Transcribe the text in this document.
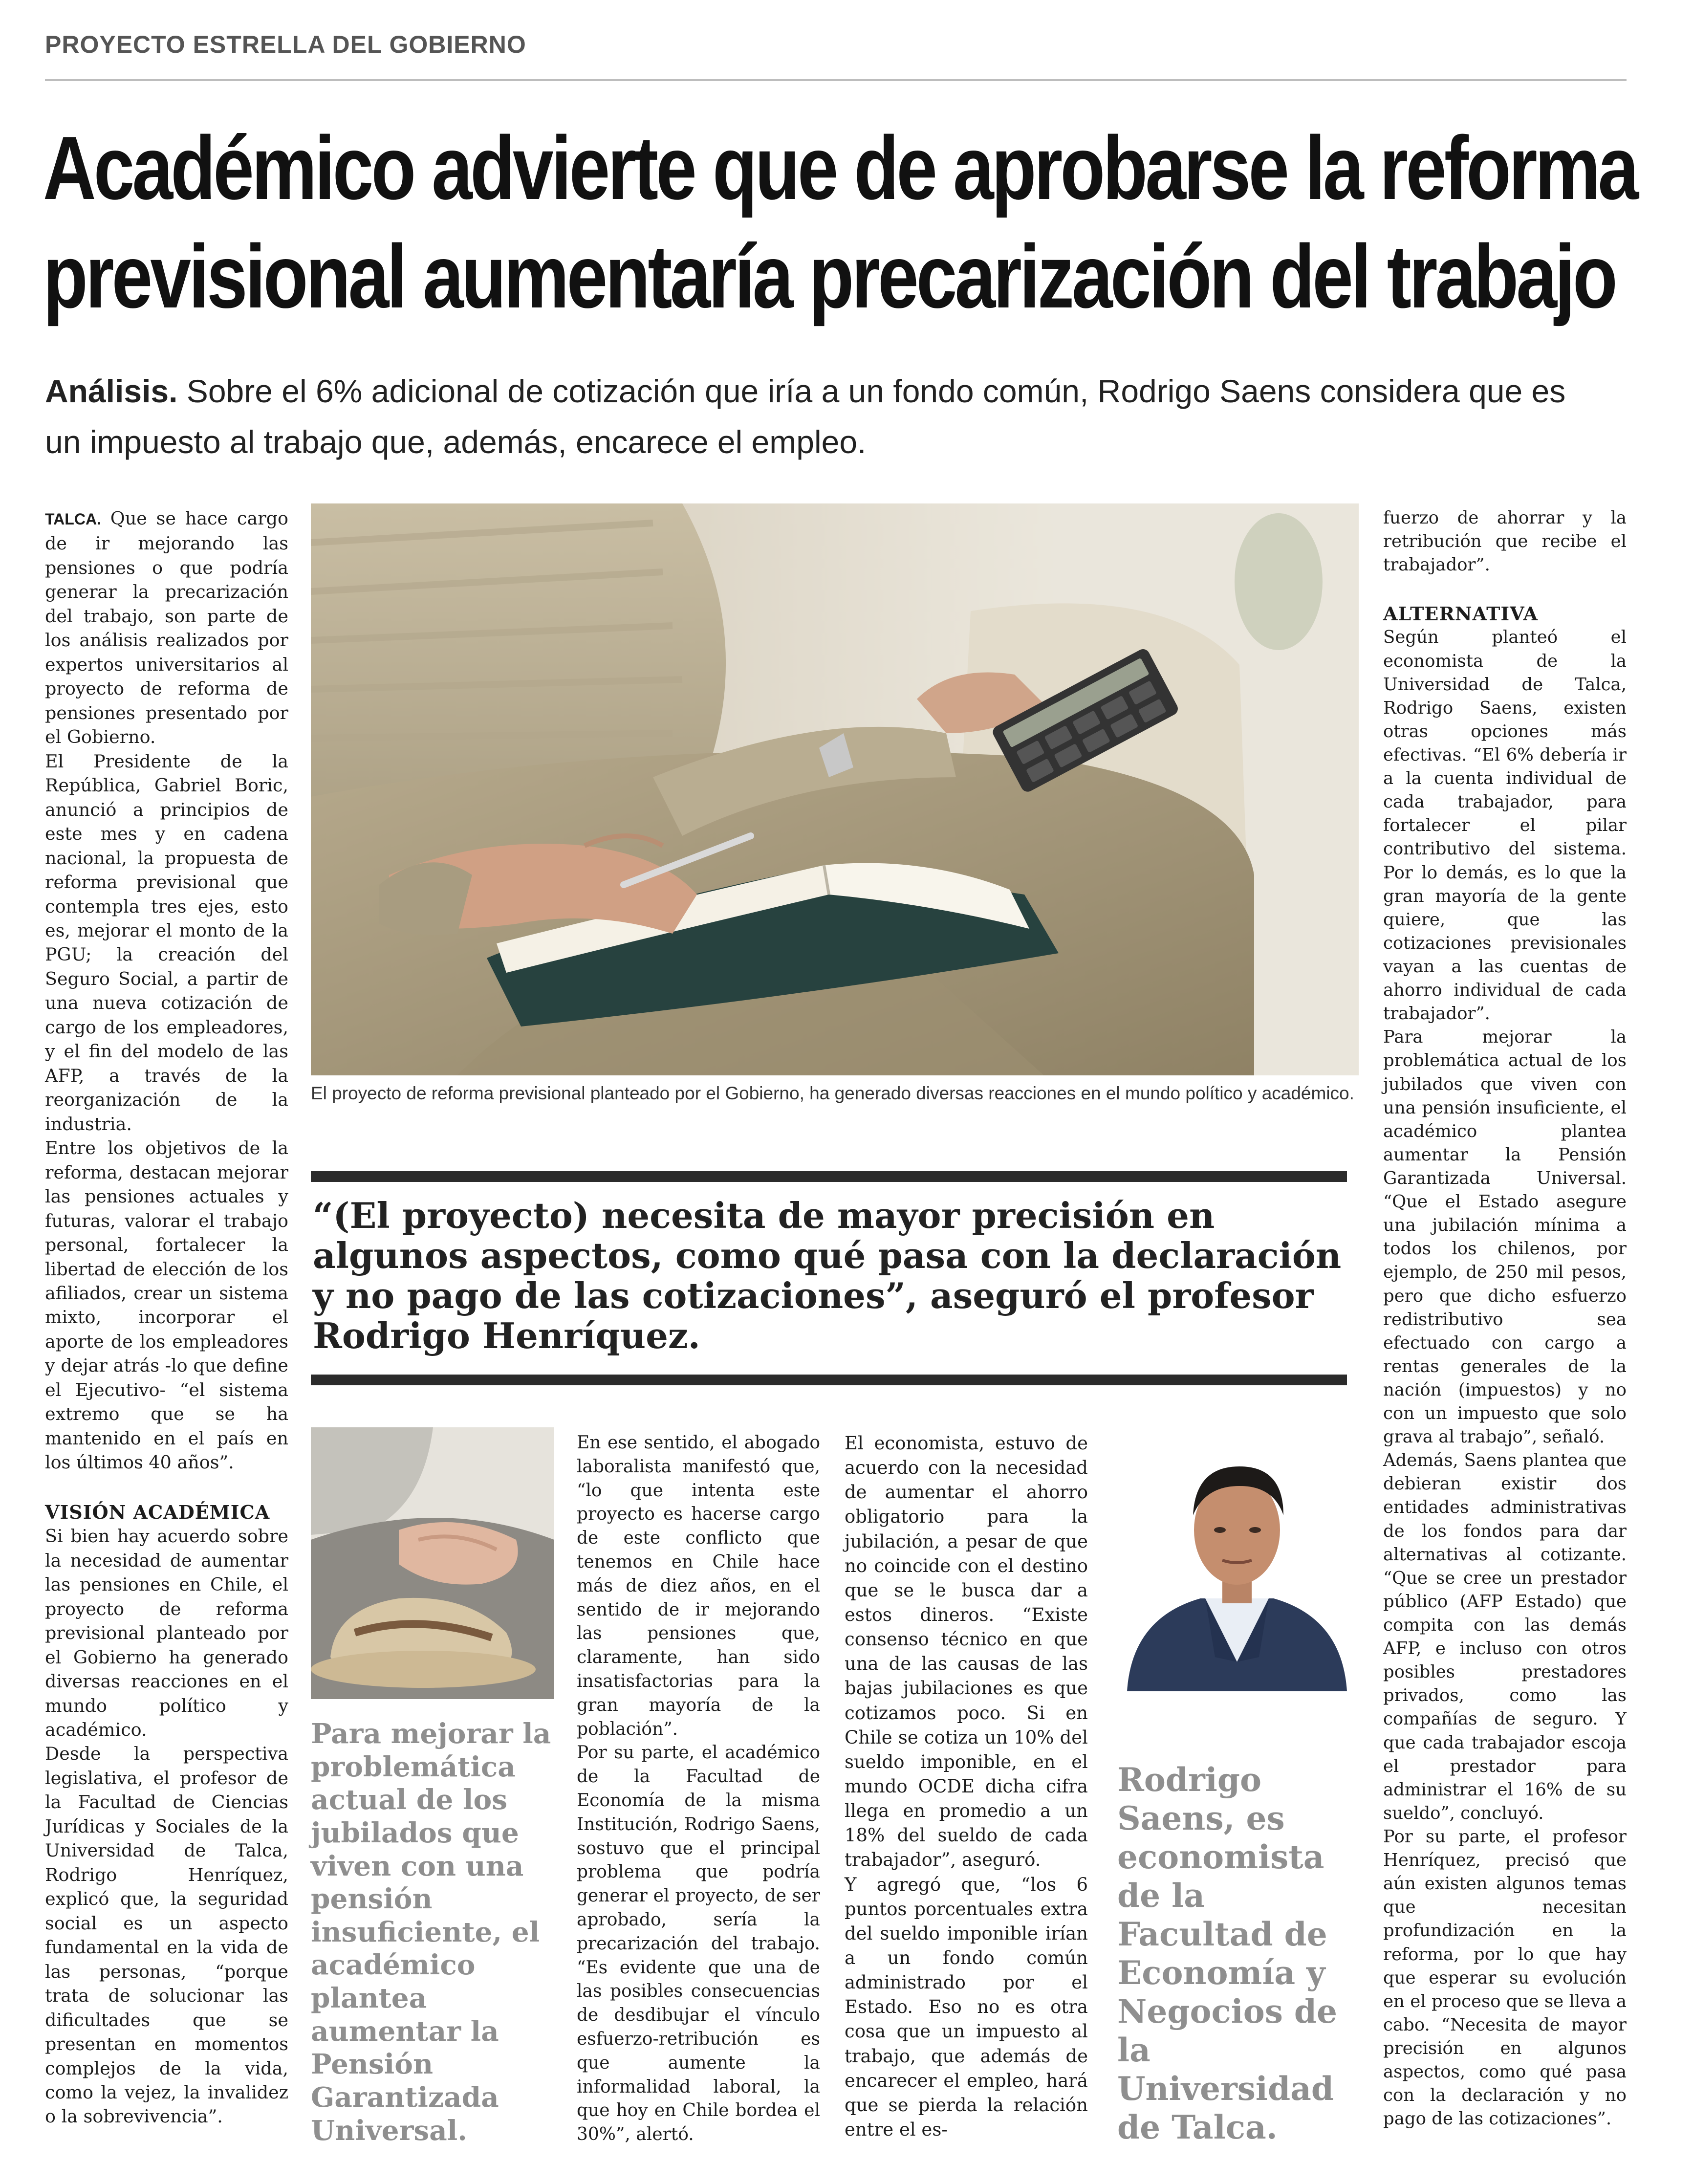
PROYECTO ESTRELLA DEL GOBIERNO
Académico advierte que de aprobarse la reforma
previsional aumentaría precarización del trabajo

Análisis. Sobre el 6% adicional de cotización que iría a un fondo común, Rodrigo Saens considera que es
un impuesto al trabajo que, además, encarece el empleo.

TALCA. Que se hace cargo de ir mejorando las pensiones o que podría generar la precarización del trabajo, son parte de los análisis realizados por expertos universitarios al proyecto de reforma de pensiones presentado por el Gobierno.

El Presidente de la República, Gabriel Boric, anunció a principios de este mes y en cadena nacional, la propuesta de reforma previsional que contempla tres ejes, esto es, mejorar el monto de la PGU; la creación del Seguro Social, a partir de una nueva cotización de cargo de los empleadores, y el fin del modelo de las AFP, a través de la reorganización de la industria.

Entre los objetivos de la reforma, destacan mejorar las pensiones actuales y futuras, valorar el trabajo personal, fortalecer la libertad de elección de los afiliados, crear un sistema mixto, incorporar el aporte de los empleadores y dejar atrás -lo que define el Ejecutivo- “el sistema extremo que se ha mantenido en el país en los últimos 40 años”.

VISIÓN ACADÉMICA

Si bien hay acuerdo sobre la necesidad de aumentar las pensiones en Chile, el proyecto de reforma previsional planteado por el Gobierno ha generado diversas reacciones en el mundo político y académico.

Desde la perspectiva legislativa, el profesor de la Facultad de Ciencias Jurídicas y Sociales de la Universidad de Talca, Rodrigo Henríquez, explicó que, la seguridad social es un aspecto fundamental en la vida de las personas, “porque trata de solucionar las dificultades que se presentan en momentos complejos de la vida, como la vejez, la invalidez o la sobrevivencia”.

El proyecto de reforma previsional planteado por el Gobierno, ha generado diversas reacciones en el mundo político y académico.

“(El proyecto) necesita de mayor precisión en algunos aspectos, como qué pasa con la declaración y no pago de las cotizaciones”, aseguró el profesor Rodrigo Henríquez.

Para mejorar la problemática actual de los jubilados que viven con una pensión insuficiente, el académico plantea aumentar la Pensión Garantizada Universal.

En ese sentido, el abogado laboralista manifestó que, “lo que intenta este proyecto es hacerse cargo de este conflicto que tenemos en Chile hace más de diez años, en el sentido de ir mejorando las pensiones que, claramente, han sido insatisfactorias para la gran mayoría de la población”.

Por su parte, el académico de la Facultad de Economía de la misma Institución, Rodrigo Saens, sostuvo que el principal problema que podría generar el proyecto, de ser aprobado, sería la precarización del trabajo. “Es evidente que una de las posibles consecuencias de desdibujar el vínculo esfuerzo-retribución es que aumente la informalidad laboral, la que hoy en Chile bordea el 30%”, alertó.

El economista, estuvo de acuerdo con la necesidad de aumentar el ahorro obligatorio para la jubilación, a pesar de que no coincide con el destino que se le busca dar a estos dineros. “Existe consenso técnico en que una de las causas de las bajas jubilaciones es que cotizamos poco. Si en Chile se cotiza un 10% del sueldo imponible, en el mundo OCDE dicha cifra llega en promedio a un 18% del sueldo de cada trabajador”, aseguró.

Y agregó que, “los 6 puntos porcentuales extra del sueldo imponible irían a un fondo común administrado por el Estado. Eso no es otra cosa que un impuesto al trabajo, que además de encarecer el empleo, hará que se pierda la relación entre el es-

Rodrigo Saens, es economista de la Facultad de Economía y Negocios de la Universidad de Talca.

fuerzo de ahorrar y la retribución que recibe el trabajador”.

ALTERNATIVA

Según planteó el economista de la Universidad de Talca, Rodrigo Saens, existen otras opciones más efectivas. “El 6% debería ir a la cuenta individual de cada trabajador, para fortalecer el pilar contributivo del sistema. Por lo demás, es lo que la gran mayoría de la gente quiere, que las cotizaciones previsionales vayan a las cuentas de ahorro individual de cada trabajador”.

Para mejorar la problemática actual de los jubilados que viven con una pensión insuficiente, el académico plantea aumentar la Pensión Garantizada Universal. “Que el Estado asegure una jubilación mínima a todos los chilenos, por ejemplo, de 250 mil pesos, pero que dicho esfuerzo redistributivo sea efectuado con cargo a rentas generales de la nación (impuestos) y no con un impuesto que solo grava al trabajo”, señaló.

Además, Saens plantea que debieran existir dos entidades administrativas de los fondos para dar alternativas al cotizante. “Que se cree un prestador público (AFP Estado) que compita con las demás AFP, e incluso con otros posibles prestadores privados, como las compañías de seguro. Y que cada trabajador escoja el prestador para administrar el 16% de su sueldo”, concluyó.

Por su parte, el profesor Henríquez, precisó que aún existen algunos temas que necesitan profundización en la reforma, por lo que hay que esperar su evolución en el proceso que se lleva a cabo. “Necesita de mayor precisión en algunos aspectos, como qué pasa con la declaración y no pago de las cotizaciones”.
